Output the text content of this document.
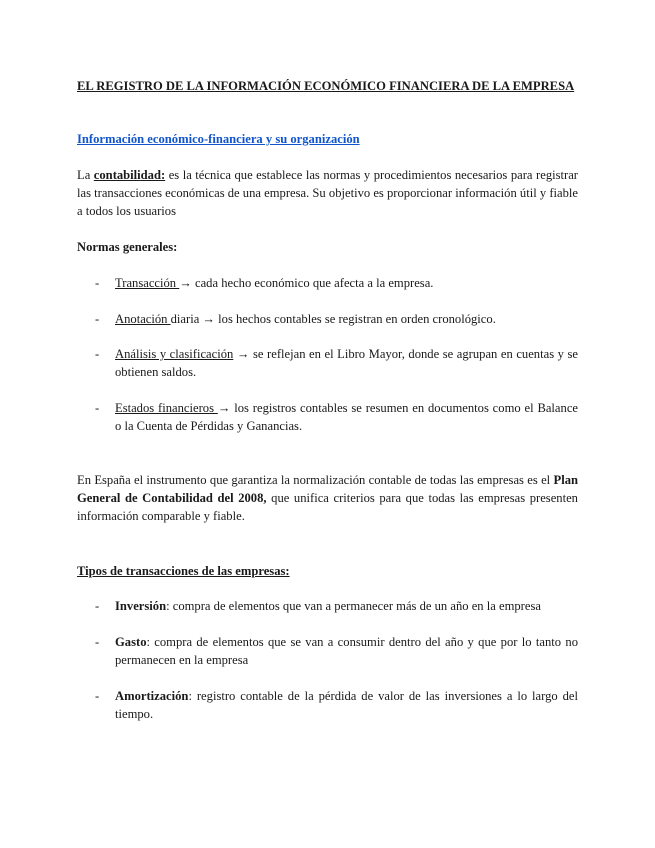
EL REGISTRO DE LA INFORMACIÓN ECONÓMICO FINANCIERA DE LA EMPRESA
Información económico-financiera y su organización
La contabilidad: es la técnica que establece las normas y procedimientos necesarios para registrar las transacciones económicas de una empresa. Su objetivo es proporcionar información útil y fiable a todos los usuarios
Normas generales:
- Transacción → cada hecho económico que afecta a la empresa.
- Anotación diaria → los hechos contables se registran en orden cronológico.
- Análisis y clasificación → se reflejan en el Libro Mayor, donde se agrupan en cuentas y se obtienen saldos.
- Estados financieros → los registros contables se resumen en documentos como el Balance o la Cuenta de Pérdidas y Ganancias.
En España el instrumento que garantiza la normalización contable de todas las empresas es el Plan General de Contabilidad del 2008, que unifica criterios para que todas las empresas presenten información comparable y fiable.
Tipos de transacciones de las empresas:
- Inversión: compra de elementos que van a permanecer más de un año en la empresa
- Gasto: compra de elementos que se van a consumir dentro del año y que por lo tanto no permanecen en la empresa
- Amortización: registro contable de la pérdida de valor de las inversiones a lo largo del tiempo.
